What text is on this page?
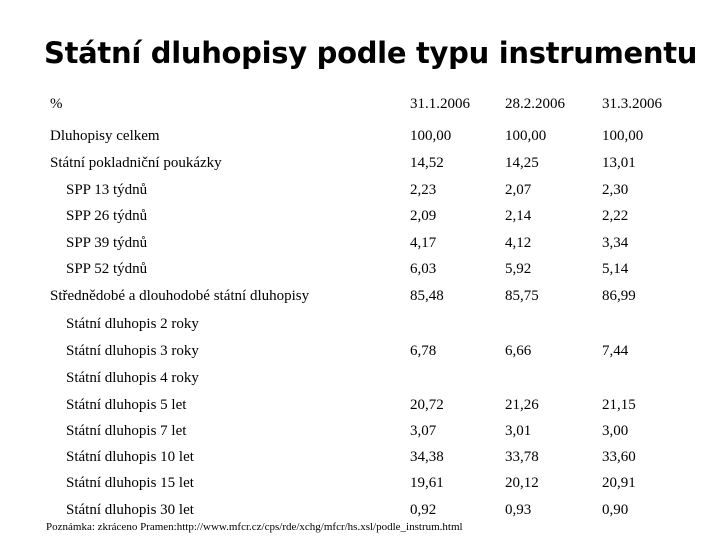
Státní dluhopisy podle typu instrumentu
%	31.1.2006 28.2.2006 31.3.2006
Dluhopisy celkem	100,00	100,00	100,00
Státní pokladniční poukázky	14,52	14,25	13,01
SPP 13 týdnů	2,23	2,07	2,30
SPP 26 týdnů	2,09	2,14	2,22
SPP 39 týdnů	4,17	4,12	3,34
SPP 52 týdnů	6,03	5,92	5,14
Střednědobé a dlouhodobé státní dluhopisy	85,48	85,75	86,99
Státní dluhopis 2 roky
Státní dluhopis 3 roky	6,78	6,66	7,44
Státní dluhopis 4 roky
Státní dluhopis 5 let	20,72	21,26	21,15
Státní dluhopis 7 let	3,07	3,01	3,00
Státní dluhopis 10 let	34,38	33,78	33,60
Státní dluhopis 15 let	19,61	20,12	20,91
Státní dluhopis 30 let	0,92	0,93	0,90
Poznámka: zkráceno Pramen:http://www.mfcr.cz/cps/rde/xchg/mfcr/hs.xsl/podle_instrum.html
